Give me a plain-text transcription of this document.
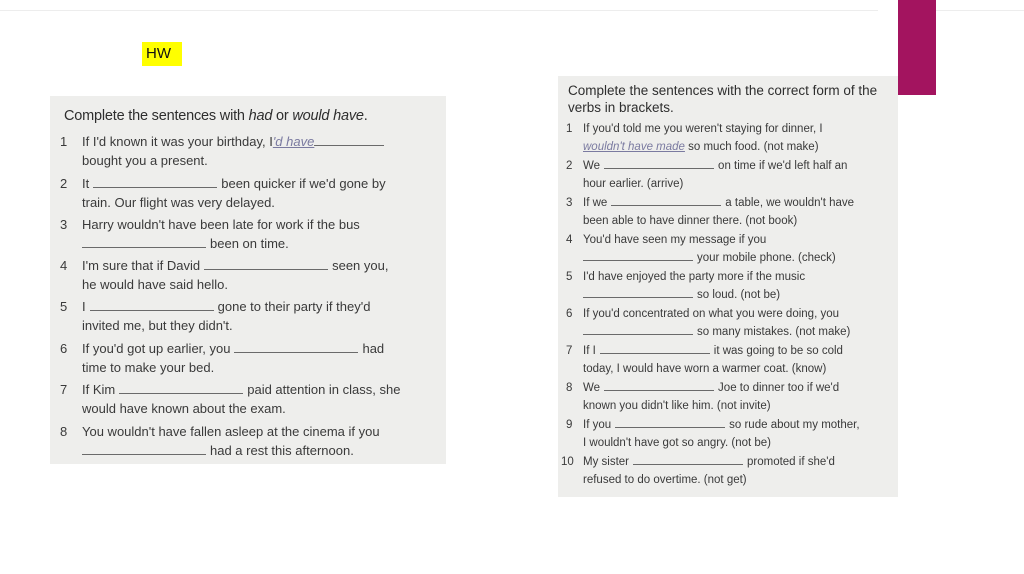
HW
Complete the sentences with had or would have.
1 If I'd known it was your birthday, I'd have
bought you a present.
2 It	been quicker if we'd gone by
train. Our flight was very delayed.
3 Harry wouldn't have been late for work if the bus
been on time.
4 I'm sure that if David	seen you,
he would have said hello.
5 I	gone to their party if they'd
invited me, but they didn't.
6 If you'd got up earlier, you	had
time to make your bed.
7 If Kim	paid attention in class, she
would have known about the exam.
8 You wouldn't have fallen asleep at the cinema if you
had a rest this afternoon.
Complete the sentences with the correct form of the verbs in brackets.
1 If you'd told me you weren't staying for dinner, I
wouldn't have made so much food. (not make)
2 We	on time if we'd left half an
hour earlier. (arrive)
3 If we	a table, we wouldn't have
been able to have dinner there. (not book)
4 You'd have seen my message if you
your mobile phone. (check)
5 I'd have enjoyed the party more if the music
so loud. (not be)
6 If you'd concentrated on what you were doing, you
so many mistakes. (not make)
7 If I	it was going to be so cold
today, I would have worn a warmer coat. (know)
8 We	Joe to dinner too if we'd
known you didn't like him. (not invite)
9 If you	so rude about my mother,
I wouldn't have got so angry. (not be)
10 My sister	promoted if she'd
refused to do overtime. (not get)
